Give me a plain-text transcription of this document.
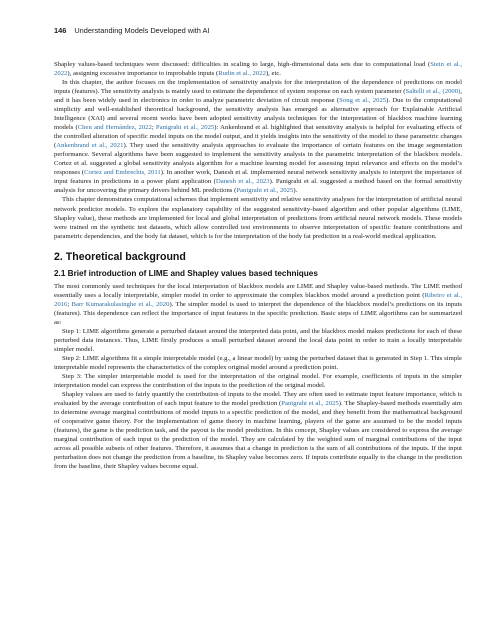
146 Understanding Models Developed with AI

Shapley values-based techniques were discussed: difficulties in scaling to large, high-dimensional data sets due to computational load (Stein et al., 2022), assigning excessive importance to improbable inputs (Rudin et al., 2022), etc.

In this chapter, the author focuses on the implementation of sensitivity analysis for the interpretation of the dependence of predictions on model inputs (features). The sensitivity analysis is mainly used to estimate the dependence of system response on each system parameter (Saltelli et al., (2000), and it has been widely used in electronics in order to analyze parametric deviation of circuit response (Song et al., 2025). Due to the computational simplicity and well-established theoretical background, the sensitivity analysis has emerged as alternative approach for Explainable Artificial Intelligence (XAI) and several recent works have been adopted sensitivity analysis techniques for the interpretation of blackbox machine learning models (Chen and Hernández, 2022; Panigrahi et al., 2025): Ankenbrand et al. highlighted that sensitivity analysis is helpful for evaluating effects of the controlled alteration of specific model inputs on the model output, and it yields insights into the sensitivity of the model to these parametric changes (Ankenbrand et al., 2021). They used the sensitivity analysis approaches to evaluate the importance of certain features on the image segmentation performance. Several algorithms have been suggested to implement the sensitivity analysis in the parametric interpretation of the blackbox models. Cortez et al. suggested a global sensitivity analysis algorithm for a machine learning model for assessing input relevance and effects on the model’s responses (Cortez and Embrechts, 2011). In another work, Danesh et al. implemented neural network sensitivity analysis to interpret the importance of input features in predictions in a power plant application (Danesh et al., 2023). Panigrahi et al. suggested a method based on the formal sensitivity analysis for uncovering the primary drivers behind ML predictions (Panigrahi et al., 2025).

This chapter demonstrates computational schemes that implement sensitivity and relative sensitivity analyses for the interpretation of artificial neural network predictor models. To explore the explanatory capability of the suggested sensitivity-based algorithm and other popular algorithms (LIME, Shapley value), these methods are implemented for local and global interpretation of predictions from artificial neural network models. These models were trained on the synthetic test datasets, which allow controlled test environments to observe interpretation of specific feature contributions and parametric dependencies, and the body fat dataset, which is for the interpretation of the body fat prediction in a real-world medical application.

2. Theoretical background
2.1 Brief introduction of LIME and Shapley values based techniques

The most commonly used techniques for the local interpretation of blackbox models are LIME and Shapley value-based methods. The LIME method essentially uses a locally interpretable, simpler model in order to approximate the complex blackbox model around a prediction point (Ribeiro et al., 2016; Barr Kumarakulasinghe et al., 2020). The simpler model is used to interpret the dependence of the blackbox model’s predictions on its inputs (features). This dependence can reflect the importance of input features in the specific prediction. Basic steps of LIME algorithms can be summarized as:

Step 1: LIME algorithms generate a perturbed dataset around the interpreted data point, and the blackbox model makes predictions for each of these perturbed data instances. Thus, LIME firstly produces a small perturbed dataset around the local data point in order to train a locally interpretable simpler model.

Step 2: LIME algorithms fit a simple interpretable model (e.g., a linear model) by using the perturbed dataset that is generated in Step 1. This simple interpretable model represents the characteristics of the complex original model around a prediction point.

Step 3: The simpler interpretable model is used for the interpretation of the original model. For example, coefficients of inputs in the simpler interpretation model can express the contribution of the inputs to the prediction of the original model.

Shapley values are used to fairly quantify the contribution of inputs to the model. They are often used to estimate input feature importance, which is evaluated by the average contribution of each input feature to the model prediction (Panigrahi et al., 2025). The Shapley-based methods essentially aim to determine average marginal contributions of model inputs to a specific prediction of the model, and they benefit from the mathematical background of cooperative game theory. For the implementation of game theory in machine learning, players of the game are assumed to be the model inputs (features), the game is the prediction task, and the payout is the model prediction. In this concept, Shapley values are considered to express the average marginal contribution of each input to the prediction of the model. They are calculated by the weighted sum of marginal contributions of the input across all possible subsets of other features. Therefore, it assumes that a change in prediction is the sum of all contributions of the inputs. If the input perturbation does not change the prediction from a baseline, its Shapley value becomes zero. If inputs contribute equally to the change in the prediction from the baseline, their Shapley values become equal.
